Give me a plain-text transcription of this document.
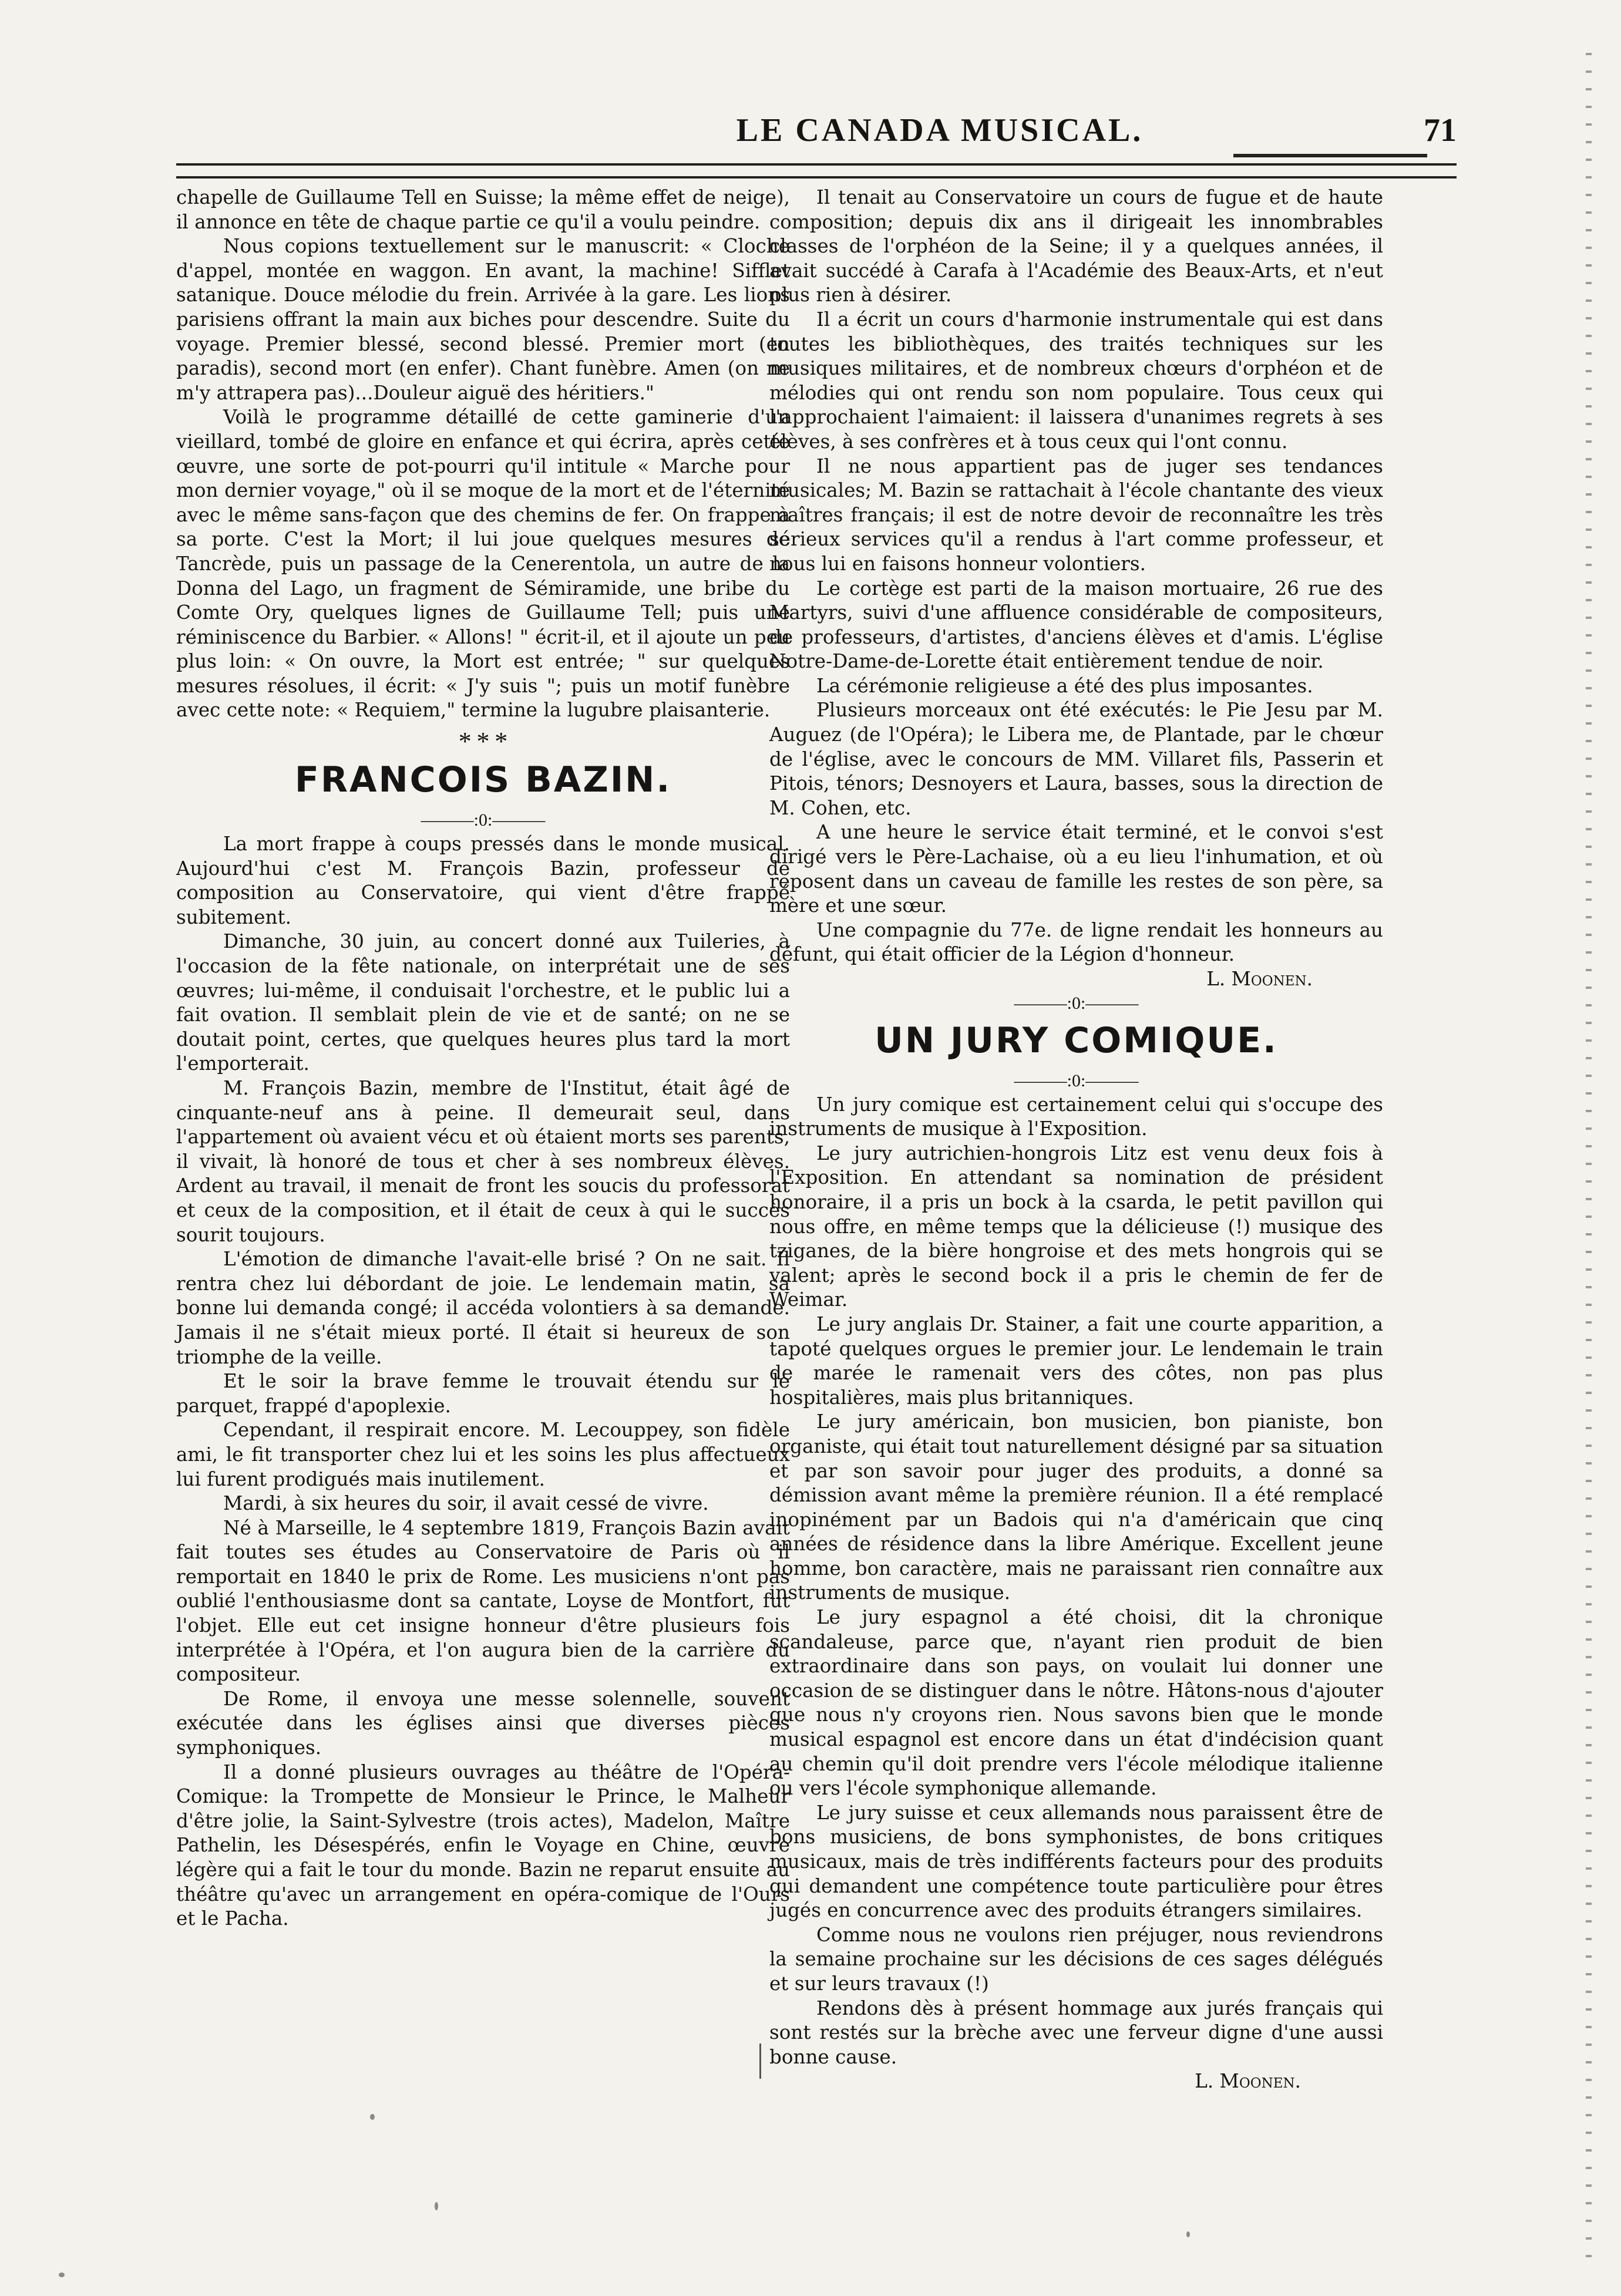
LE CANADA MUSICAL.	71

chapelle de Guillaume Tell en Suisse; la même effet de neige), il annonce en tête de chaque partie ce qu'il a voulu peindre.

Nous copions textuellement sur le manuscrit: « Cloche d'appel, montée en waggon. En avant, la machine! Sifflet satanique. Douce mélodie du frein. Arrivée à la gare. Les lions parisiens offrant la main aux biches pour descendre. Suite du voyage. Premier blessé, second blessé. Premier mort (en paradis), second mort (en enfer). Chant funèbre. Amen (on ne m'y attrapera pas)...Douleur aiguë des héritiers."

Voilà le programme détaillé de cette gaminerie d'un vieillard, tombé de gloire en enfance et qui écrira, après cette œuvre, une sorte de pot-pourri qu'il intitule « Marche pour mon dernier voyage," où il se moque de la mort et de l'éternité avec le même sans-façon que des chemins de fer. On frappe à sa porte. C'est la Mort; il lui joue quelques mesures de Tancrède, puis un passage de la Cenerentola, un autre de la Donna del Lago, un fragment de Sémiramide, une bribe du Comte Ory, quelques lignes de Guillaume Tell; puis une réminiscence du Barbier. « Allons! " écrit-il, et il ajoute un peu plus loin: « On ouvre, la Mort est entrée; " sur quelques mesures résolues, il écrit: « J'y suis "; puis un motif funèbre avec cette note: « Requiem," termine la lugubre plaisanterie.

* * *
FRANCOIS BAZIN.
———:0:———

La mort frappe à coups pressés dans le monde musical. Aujourd'hui c'est M. François Bazin, professeur de composition au Conservatoire, qui vient d'être frappé subitement.

Dimanche, 30 juin, au concert donné aux Tuileries, à l'occasion de la fête nationale, on interprétait une de ses œuvres; lui-même, il conduisait l'orchestre, et le public lui a fait ovation. Il semblait plein de vie et de santé; on ne se doutait point, certes, que quelques heures plus tard la mort l'emporterait.

M. François Bazin, membre de l'Institut, était âgé de cinquante-neuf ans à peine. Il demeurait seul, dans l'appartement où avaient vécu et où étaient morts ses parents, il vivait, là honoré de tous et cher à ses nombreux élèves. Ardent au travail, il menait de front les soucis du professorat et ceux de la composition, et il était de ceux à qui le succès sourit toujours.

L'émotion de dimanche l'avait-elle brisé ? On ne sait. Il rentra chez lui débordant de joie. Le lendemain matin, sa bonne lui demanda congé; il accéda volontiers à sa demande. Jamais il ne s'était mieux porté. Il était si heureux de son triomphe de la veille.

Et le soir la brave femme le trouvait étendu sur le parquet, frappé d'apoplexie.

Cependant, il respirait encore. M. Lecouppey, son fidèle ami, le fit transporter chez lui et les soins les plus affectueux lui furent prodigués mais inutilement.

Mardi, à six heures du soir, il avait cessé de vivre.

Né à Marseille, le 4 septembre 1819, François Bazin avait fait toutes ses études au Conservatoire de Paris où il remportait en 1840 le prix de Rome. Les musiciens n'ont pas oublié l'enthousiasme dont sa cantate, Loyse de Montfort, fut l'objet. Elle eut cet insigne honneur d'être plusieurs fois interprétée à l'Opéra, et l'on augura bien de la carrière du compositeur.

De Rome, il envoya une messe solennelle, souvent exécutée dans les églises ainsi que diverses pièces symphoniques.

Il a donné plusieurs ouvrages au théâtre de l'Opéra-Comique: la Trompette de Monsieur le Prince, le Malheur d'être jolie, la Saint-Sylvestre (trois actes), Madelon, Maître Pathelin, les Désespérés, enfin le Voyage en Chine, œuvre légère qui a fait le tour du monde. Bazin ne reparut ensuite au théâtre qu'avec un arrangement en opéra-comique de l'Ours et le Pacha.

Il tenait au Conservatoire un cours de fugue et de haute composition; depuis dix ans il dirigeait les innombrables classes de l'orphéon de la Seine; il y a quelques années, il avait succédé à Carafa à l'Académie des Beaux-Arts, et n'eut plus rien à désirer.

Il a écrit un cours d'harmonie instrumentale qui est dans toutes les bibliothèques, des traités techniques sur les musiques militaires, et de nombreux chœurs d'orphéon et de mélodies qui ont rendu son nom populaire. Tous ceux qui l'approchaient l'aimaient: il laissera d'unanimes regrets à ses élèves, à ses confrères et à tous ceux qui l'ont connu.

Il ne nous appartient pas de juger ses tendances musicales; M. Bazin se rattachait à l'école chantante des vieux maîtres français; il est de notre devoir de reconnaître les très sérieux services qu'il a rendus à l'art comme professeur, et nous lui en faisons honneur volontiers.

Le cortège est parti de la maison mortuaire, 26 rue des Martyrs, suivi d'une affluence considérable de compositeurs, de professeurs, d'artistes, d'anciens élèves et d'amis. L'église Notre-Dame-de-Lorette était entièrement tendue de noir.

La cérémonie religieuse a été des plus imposantes.

Plusieurs morceaux ont été exécutés: le Pie Jesu par M. Auguez (de l'Opéra); le Libera me, de Plantade, par le chœur de l'église, avec le concours de MM. Villaret fils, Passerin et Pitois, ténors; Desnoyers et Laura, basses, sous la direction de M. Cohen, etc.

A une heure le service était terminé, et le convoi s'est dirigé vers le Père-Lachaise, où a eu lieu l'inhumation, et où reposent dans un caveau de famille les restes de son père, sa mère et une sœur.

Une compagnie du 77e. de ligne rendait les honneurs au défunt, qui était officier de la Légion d'honneur.

L. Moonen.

———:0:———
UN JURY COMIQUE.
———:0:———

Un jury comique est certainement celui qui s'occupe des instruments de musique à l'Exposition.

Le jury autrichien-hongrois Litz est venu deux fois à l'Exposition. En attendant sa nomination de président honoraire, il a pris un bock à la csarda, le petit pavillon qui nous offre, en même temps que la délicieuse (!) musique des tziganes, de la bière hongroise et des mets hongrois qui se valent; après le second bock il a pris le chemin de fer de Weimar.

Le jury anglais Dr. Stainer, a fait une courte apparition, a tapoté quelques orgues le premier jour. Le lendemain le train de marée le ramenait vers des côtes, non pas plus hospitalières, mais plus britanniques.

Le jury américain, bon musicien, bon pianiste, bon organiste, qui était tout naturellement désigné par sa situation et par son savoir pour juger des produits, a donné sa démission avant même la première réunion. Il a été remplacé inopinément par un Badois qui n'a d'américain que cinq années de résidence dans la libre Amérique. Excellent jeune homme, bon caractère, mais ne paraissant rien connaître aux instruments de musique.

Le jury espagnol a été choisi, dit la chronique scandaleuse, parce que, n'ayant rien produit de bien extraordinaire dans son pays, on voulait lui donner une occasion de se distinguer dans le nôtre. Hâtons-nous d'ajouter que nous n'y croyons rien. Nous savons bien que le monde musical espagnol est encore dans un état d'indécision quant au chemin qu'il doit prendre vers l'école mélodique italienne ou vers l'école symphonique allemande.

Le jury suisse et ceux allemands nous paraissent être de bons musiciens, de bons symphonistes, de bons critiques musicaux, mais de très indifférents facteurs pour des produits qui demandent une compétence toute particulière pour êtres jugés en concurrence avec des produits étrangers similaires.

Comme nous ne voulons rien préjuger, nous reviendrons la semaine prochaine sur les décisions de ces sages délégués et sur leurs travaux (!)

Rendons dès à présent hommage aux jurés français qui sont restés sur la brèche avec une ferveur digne d'une aussi bonne cause.

L. Moonen.
